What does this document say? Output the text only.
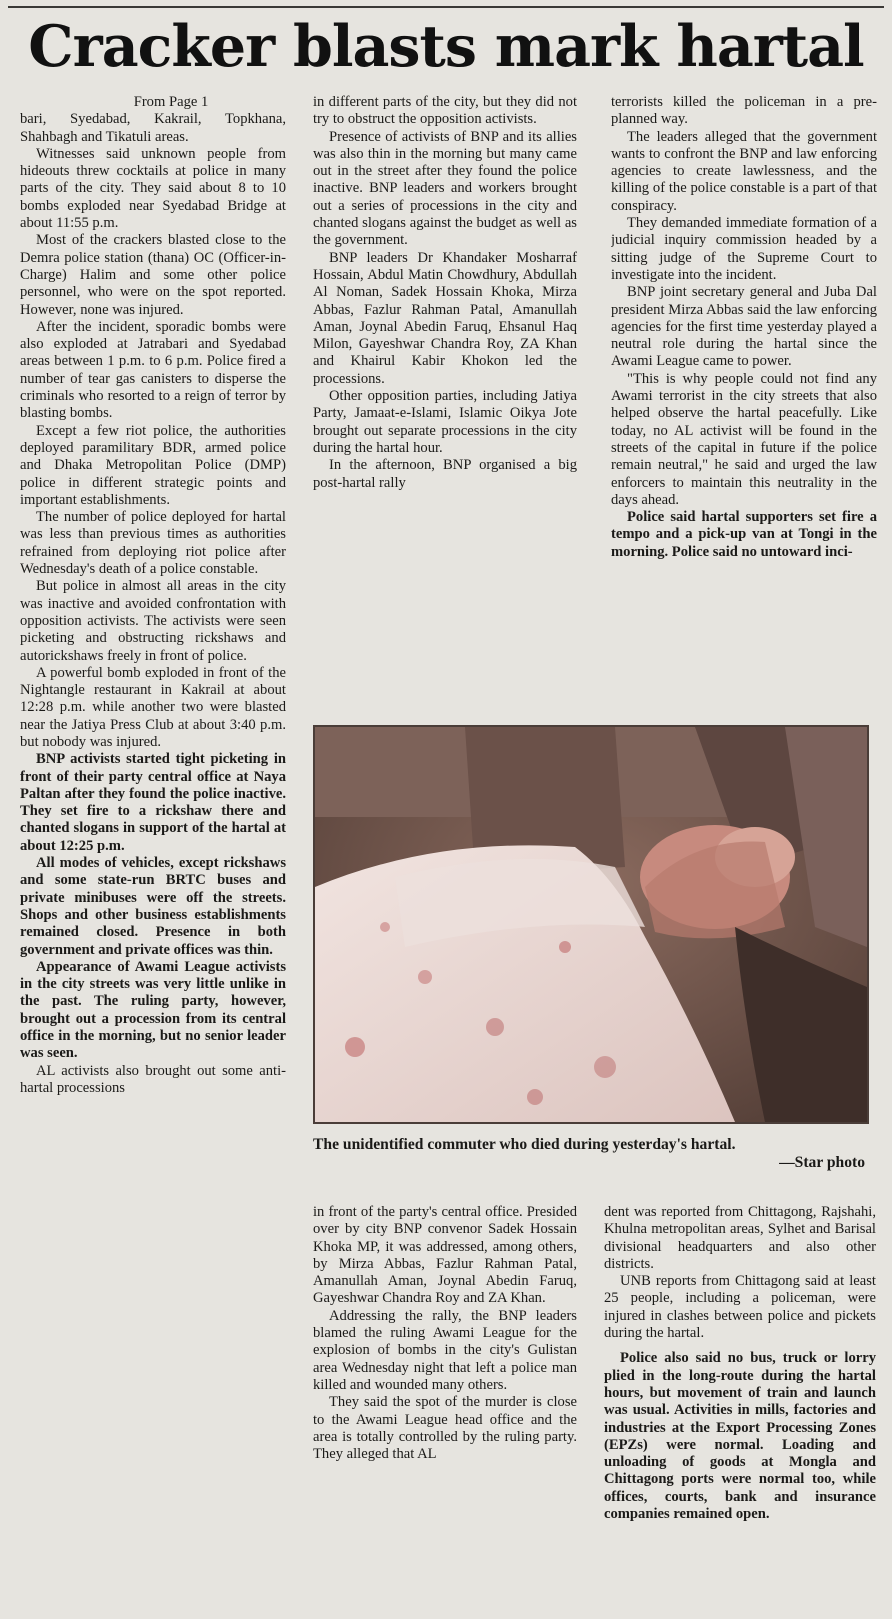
Cracker blasts mark hartal

From Page 1

bari, Syedabad, Kakrail, Topkhana, Shahbagh and Tikatuli areas.

Witnesses said unknown people from hideouts threw cocktails at police in many parts of the city. They said about 8 to 10 bombs exploded near Syedabad Bridge at about 11:55 p.m.

Most of the crackers blasted close to the Demra police station (thana) OC (Officer-in-Charge) Halim and some other police personnel, who were on the spot reported. However, none was injured.

After the incident, sporadic bombs were also exploded at Jatrabari and Syedabad areas between 1 p.m. to 6 p.m. Police fired a number of tear gas canisters to disperse the criminals who resorted to a reign of terror by blasting bombs.

Except a few riot police, the authorities deployed paramilitary BDR, armed police and Dhaka Metropolitan Police (DMP) police in different strategic points and important establishments.

The number of police deployed for hartal was less than previous times as authorities refrained from deploying riot police after Wednesday's death of a police constable.

But police in almost all areas in the city was inactive and avoided confrontation with opposition activists. The activists were seen picketing and obstructing rickshaws and autorickshaws freely in front of police.

A powerful bomb exploded in front of the Nightangle restaurant in Kakrail at about 12:28 p.m. while another two were blasted near the Jatiya Press Club at about 3:40 p.m. but nobody was injured.

BNP activists started tight picketing in front of their party central office at Naya Paltan after they found the police inactive. They set fire to a rickshaw there and chanted slogans in support of the hartal at about 12:25 p.m.

All modes of vehicles, except rickshaws and some state-run BRTC buses and private minibuses were off the streets. Shops and other business establishments remained closed. Presence in both government and private offices was thin.

Appearance of Awami League activists in the city streets was very little unlike in the past. The ruling party, however, brought out a procession from its central office in the morning, but no senior leader was seen.

AL activists also brought out some anti-hartal processions

in different parts of the city, but they did not try to obstruct the opposition activists.

Presence of activists of BNP and its allies was also thin in the morning but many came out in the street after they found the police inactive. BNP leaders and workers brought out a series of processions in the city and chanted slogans against the budget as well as the government.

BNP leaders Dr Khandaker Mosharraf Hossain, Abdul Matin Chowdhury, Abdullah Al Noman, Sadek Hossain Khoka, Mirza Abbas, Fazlur Rahman Patal, Amanullah Aman, Joynal Abedin Faruq, Ehsanul Haq Milon, Gayeshwar Chandra Roy, ZA Khan and Khairul Kabir Khokon led the processions.

Other opposition parties, including Jatiya Party, Jamaat-e-Islami, Islamic Oikya Jote brought out separate processions in the city during the hartal hour.

In the afternoon, BNP organised a big post-hartal rally

terrorists killed the policeman in a pre-planned way.

The leaders alleged that the government wants to confront the BNP and law enforcing agencies to create lawlessness, and the killing of the police constable is a part of that conspiracy.

They demanded immediate formation of a judicial inquiry commission headed by a sitting judge of the Supreme Court to investigate into the incident.

BNP joint secretary general and Juba Dal president Mirza Abbas said the law enforcing agencies for the first time yesterday played a neutral role during the hartal since the Awami League came to power.

"This is why people could not find any Awami terrorist in the city streets that also helped observe the hartal peacefully. Like today, no AL activist will be found in the streets of the capital in future if the police remain neutral," he said and urged the law enforcers to maintain this neutrality in the days ahead.

Police said hartal supporters set fire a tempo and a pick-up van at Tongi in the morning. Police said no untoward inci-

The unidentified commuter who died during yesterday's hartal.
—Star photo

in front of the party's central office. Presided over by city BNP convenor Sadek Hossain Khoka MP, it was addressed, among others, by Mirza Abbas, Fazlur Rahman Patal, Amanullah Aman, Joynal Abedin Faruq, Gayeshwar Chandra Roy and ZA Khan.

Addressing the rally, the BNP leaders blamed the ruling Awami League for the explosion of bombs in the city's Gulistan area Wednesday night that left a police man killed and wounded many others.

They said the spot of the murder is close to the Awami League head office and the area is totally controlled by the ruling party. They alleged that AL

dent was reported from Chittagong, Rajshahi, Khulna metropolitan areas, Sylhet and Barisal divisional headquarters and also other districts.

UNB reports from Chittagong said at least 25 people, including a policeman, were injured in clashes between police and pickets during the hartal.

Police also said no bus, truck or lorry plied in the long-route during the hartal hours, but movement of train and launch was usual. Activities in mills, factories and industries at the Export Processing Zones (EPZs) were normal. Loading and unloading of goods at Mongla and Chittagong ports were normal too, while offices, courts, bank and insurance companies remained open.
